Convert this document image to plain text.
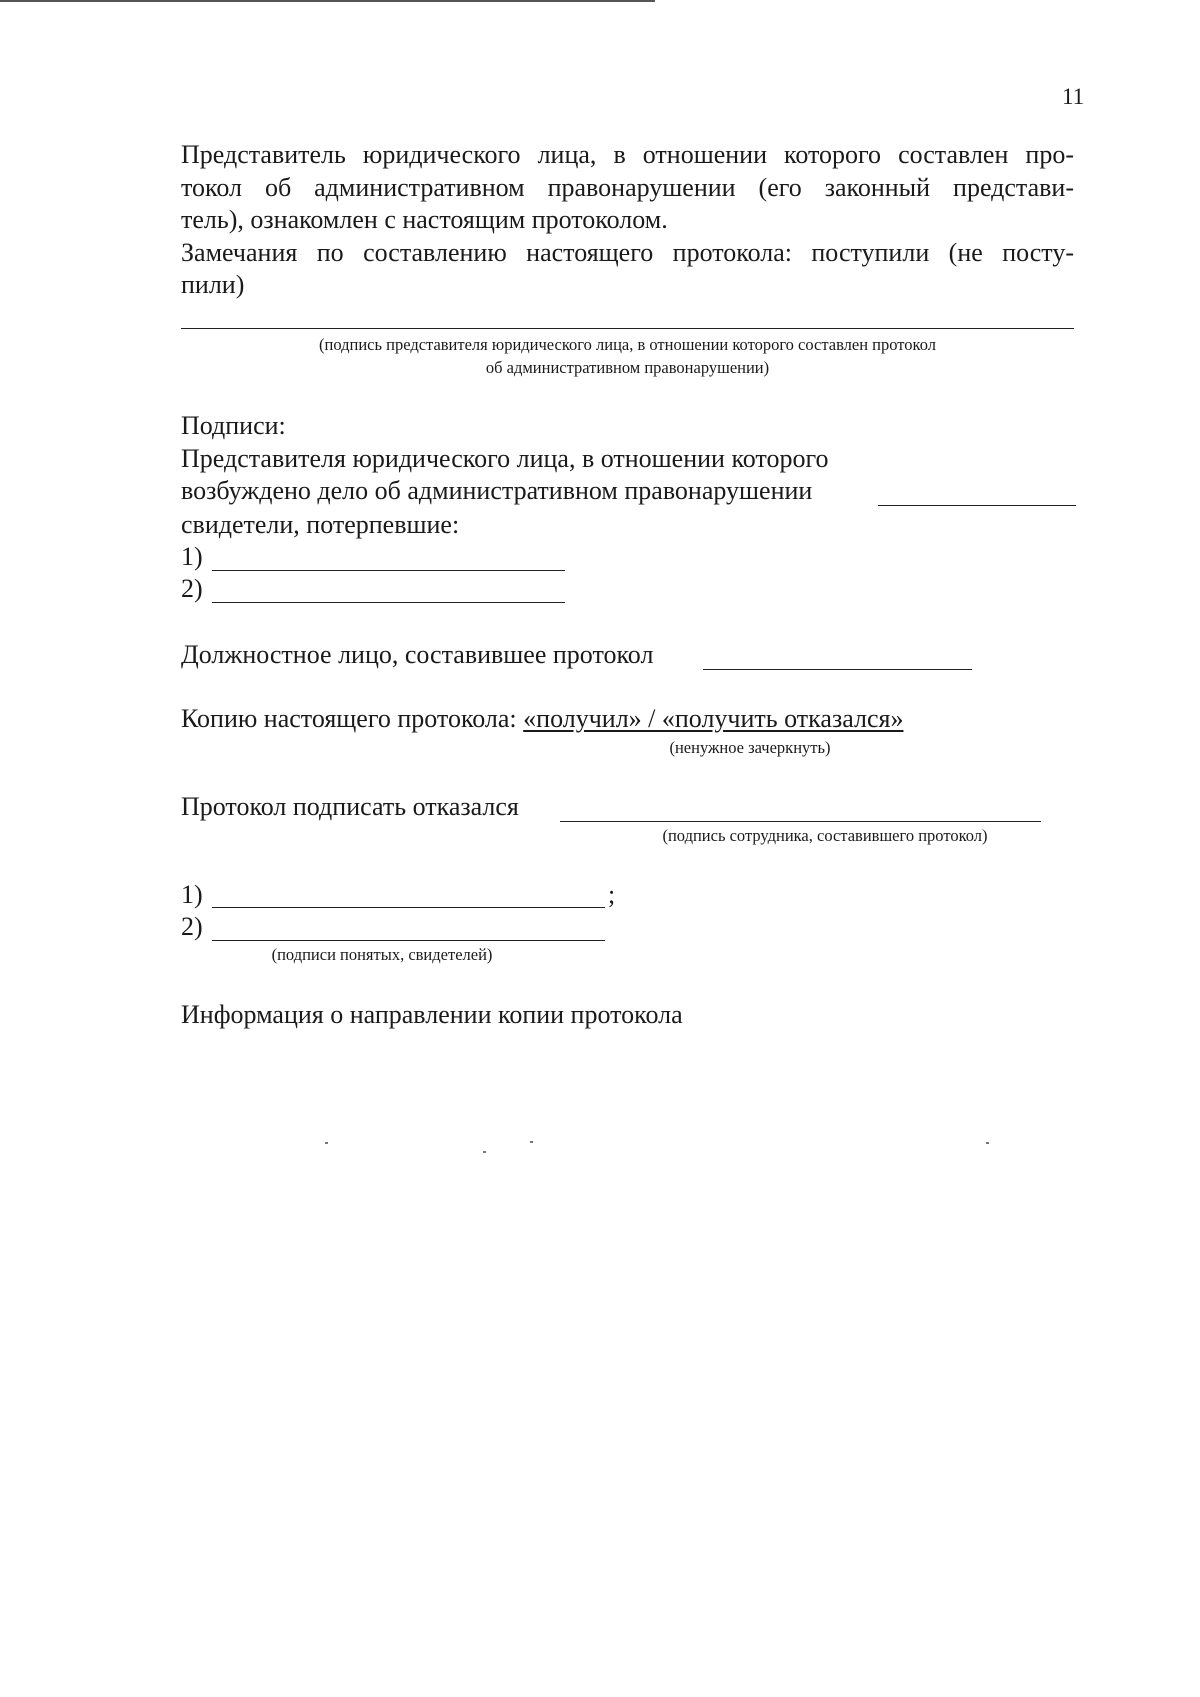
11

Представитель юридического лица, в отношении которого составлен про-

токол об административном правонарушении (его законный представи-

тель), ознакомлен с настоящим протоколом.

Замечания по составлению настоящего протокола: поступили (не посту-

пили)

(подпись представителя юридического лица, в отношении которого составлен протокол
об административном правонарушении)
Подписи:
Представителя юридического лица, в отношении которого
возбуждено дело об административном правонарушении
свидетели, потерпевшие:
1)
2)
Должностное лицо, составившее протокол
Копию настоящего протокола: «получил» / «получить отказался»
(ненужное зачеркнуть)
Протокол подписать отказался
(подпись сотрудника, составившего протокол)
1)	;
2)
(подписи понятых, свидетелей)
Информация о направлении копии протокола
